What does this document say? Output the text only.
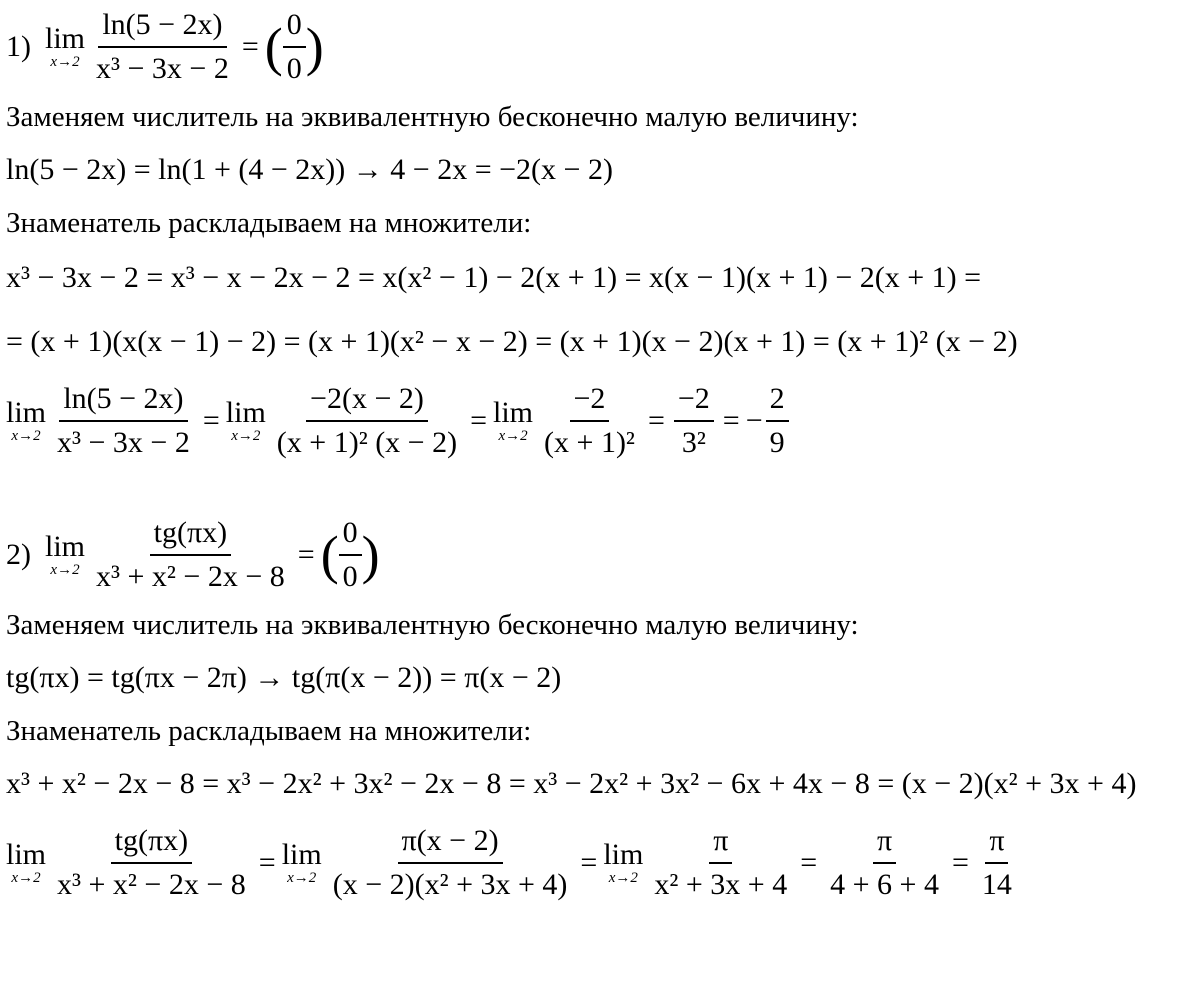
1) lim
$x\to 2 \frac{\ln(5 - 2x)}{\text{x³ − 3x − 2}}$ = ( $\frac{0}{0}$ )
Заменяем числитель на эквивалентную бесконечно малую величину:
ln(5 − 2x) = ln(1 + (4 − 2x)) → 4 − 2x = −2(x − 2)
Знаменатель раскладываем на множители:
x³ − 3x − 2 = x³ − x − 2x − 2 = x(x² − 1) − 2(x + 1) = x(x − 1)(x + 1) − 2(x + 1) =
= (x + 1)(x(x − 1) − 2) = (x + 1)(x² − x − 2) = (x + 1)(x − 2)(x + 1) = (x + 1)² (x − 2)
lim
$x\to 2 \frac{\ln(5 - 2x)}{\text{x³ − 3x − 2}} = \lim$
$x\to 2 \frac{-2(x - 2)}{\text{(x + 1)² (x − 2)}} = \lim$
$x\to 2 \frac{-2}{\text{(x + 1)²}} = \frac{-2}{\text{3²}}$ = − $\frac{2}{9}$
2) lim
$x\to 2 \frac{tg(\pi x)}{\text{x³ + x² − 2x − 8}}$ = ( $\frac{0}{0}$ )
Заменяем числитель на эквивалентную бесконечно малую величину:
tg(πx) = tg(πx − 2π) → tg(π(x − 2)) = π(x − 2)
Знаменатель раскладываем на множители:
x³ + x² − 2x − 8 = x³ − 2x² + 3x² − 2x − 8 = x³ − 2x² + 3x² − 6x + 4x − 8 = (x − 2)(x² + 3x + 4)
lim
$x\to 2 \frac{tg(\pi x)}{\text{x³ + x² − 2x − 8}} = \lim$
$x\to 2 \frac{\pi(x - 2)}{\text{(x − 2)(x² + 3x + 4)}} = \lim$
$x\to 2 \frac{\pi}{\text{x² + 3x + 4}} = \frac{\pi}{4 + 6 + 4} = \frac{\pi}{14}$
